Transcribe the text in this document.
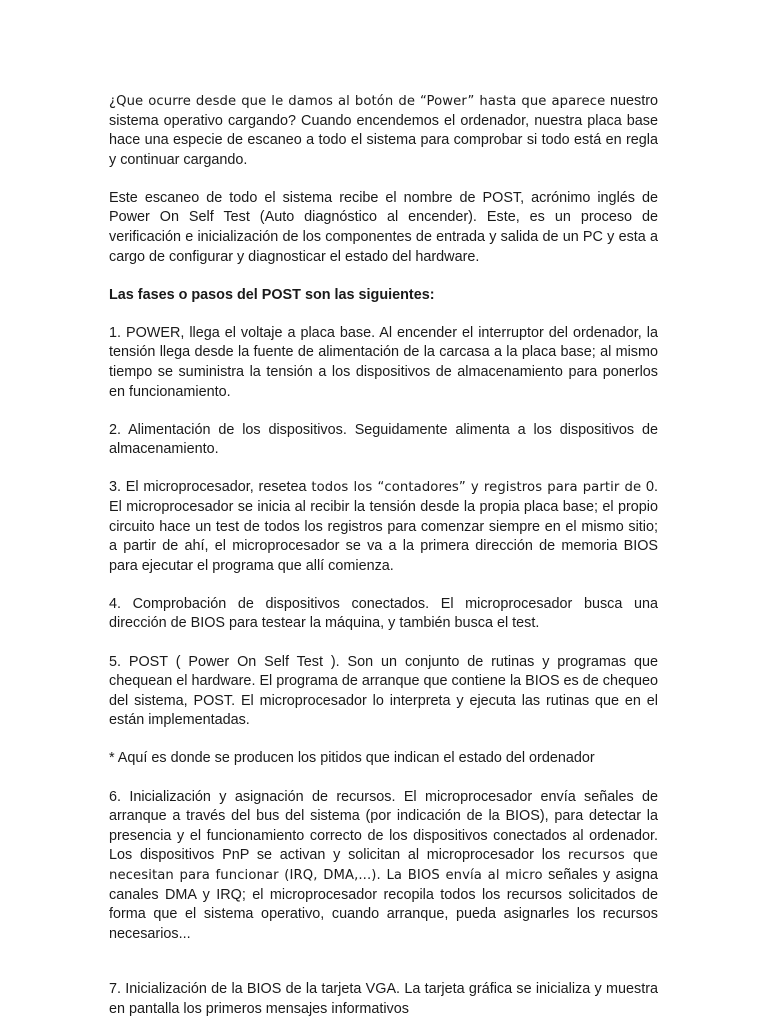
¿Que ocurre desde que le damos al botón de “Power” hasta que aparece nuestro sistema operativo cargando? Cuando encendemos el ordenador, nuestra placa base hace una especie de escaneo a todo el sistema para comprobar si todo está en regla y continuar cargando.

Este escaneo de todo el sistema recibe el nombre de POST, acrónimo inglés de Power On Self Test (Auto diagnóstico al encender). Este, es un proceso de verificación e inicialización de los componentes de entrada y salida de un PC y esta a cargo de configurar y diagnosticar el estado del hardware.

Las fases o pasos del POST son las siguientes:

1. POWER, llega el voltaje a placa base. Al encender el interruptor del ordenador, la tensión llega desde la fuente de alimentación de la carcasa a la placa base; al mismo tiempo se suministra la tensión a los dispositivos de almacenamiento para ponerlos en funcionamiento.

2. Alimentación de los dispositivos. Seguidamente alimenta a los dispositivos de almacenamiento.

3. El microprocesador, resetea todos los “contadores” y registros para partir de 0. El microprocesador se inicia al recibir la tensión desde la propia placa base; el propio circuito hace un test de todos los registros para comenzar siempre en el mismo sitio; a partir de ahí, el microprocesador se va a la primera dirección de memoria BIOS para ejecutar el programa que allí comienza.

4. Comprobación de dispositivos conectados. El microprocesador busca una dirección de BIOS para testear la máquina, y también busca el test.

5. POST ( Power On Self Test ). Son un conjunto de rutinas y programas que chequean el hardware. El programa de arranque que contiene la BIOS es de chequeo del sistema, POST. El microprocesador lo interpreta y ejecuta las rutinas que en el están implementadas.

* Aquí es donde se producen los pitidos que indican el estado del ordenador

6. Inicialización y asignación de recursos. El microprocesador envía señales de arranque a través del bus del sistema (por indicación de la BIOS), para detectar la presencia y el funcionamiento correcto de los dispositivos conectados al ordenador. Los dispositivos PnP se activan y solicitan al microprocesador los recursos que necesitan para funcionar (IRQ, DMA,...). La BIOS envía al micro señales y asigna canales DMA y IRQ; el microprocesador recopila todos los recursos solicitados de forma que el sistema operativo, cuando arranque, pueda asignarles los recursos necesarios...

7. Inicialización de la BIOS de la tarjeta VGA. La tarjeta gráfica se inicializa y muestra en pantalla los primeros mensajes informativos
